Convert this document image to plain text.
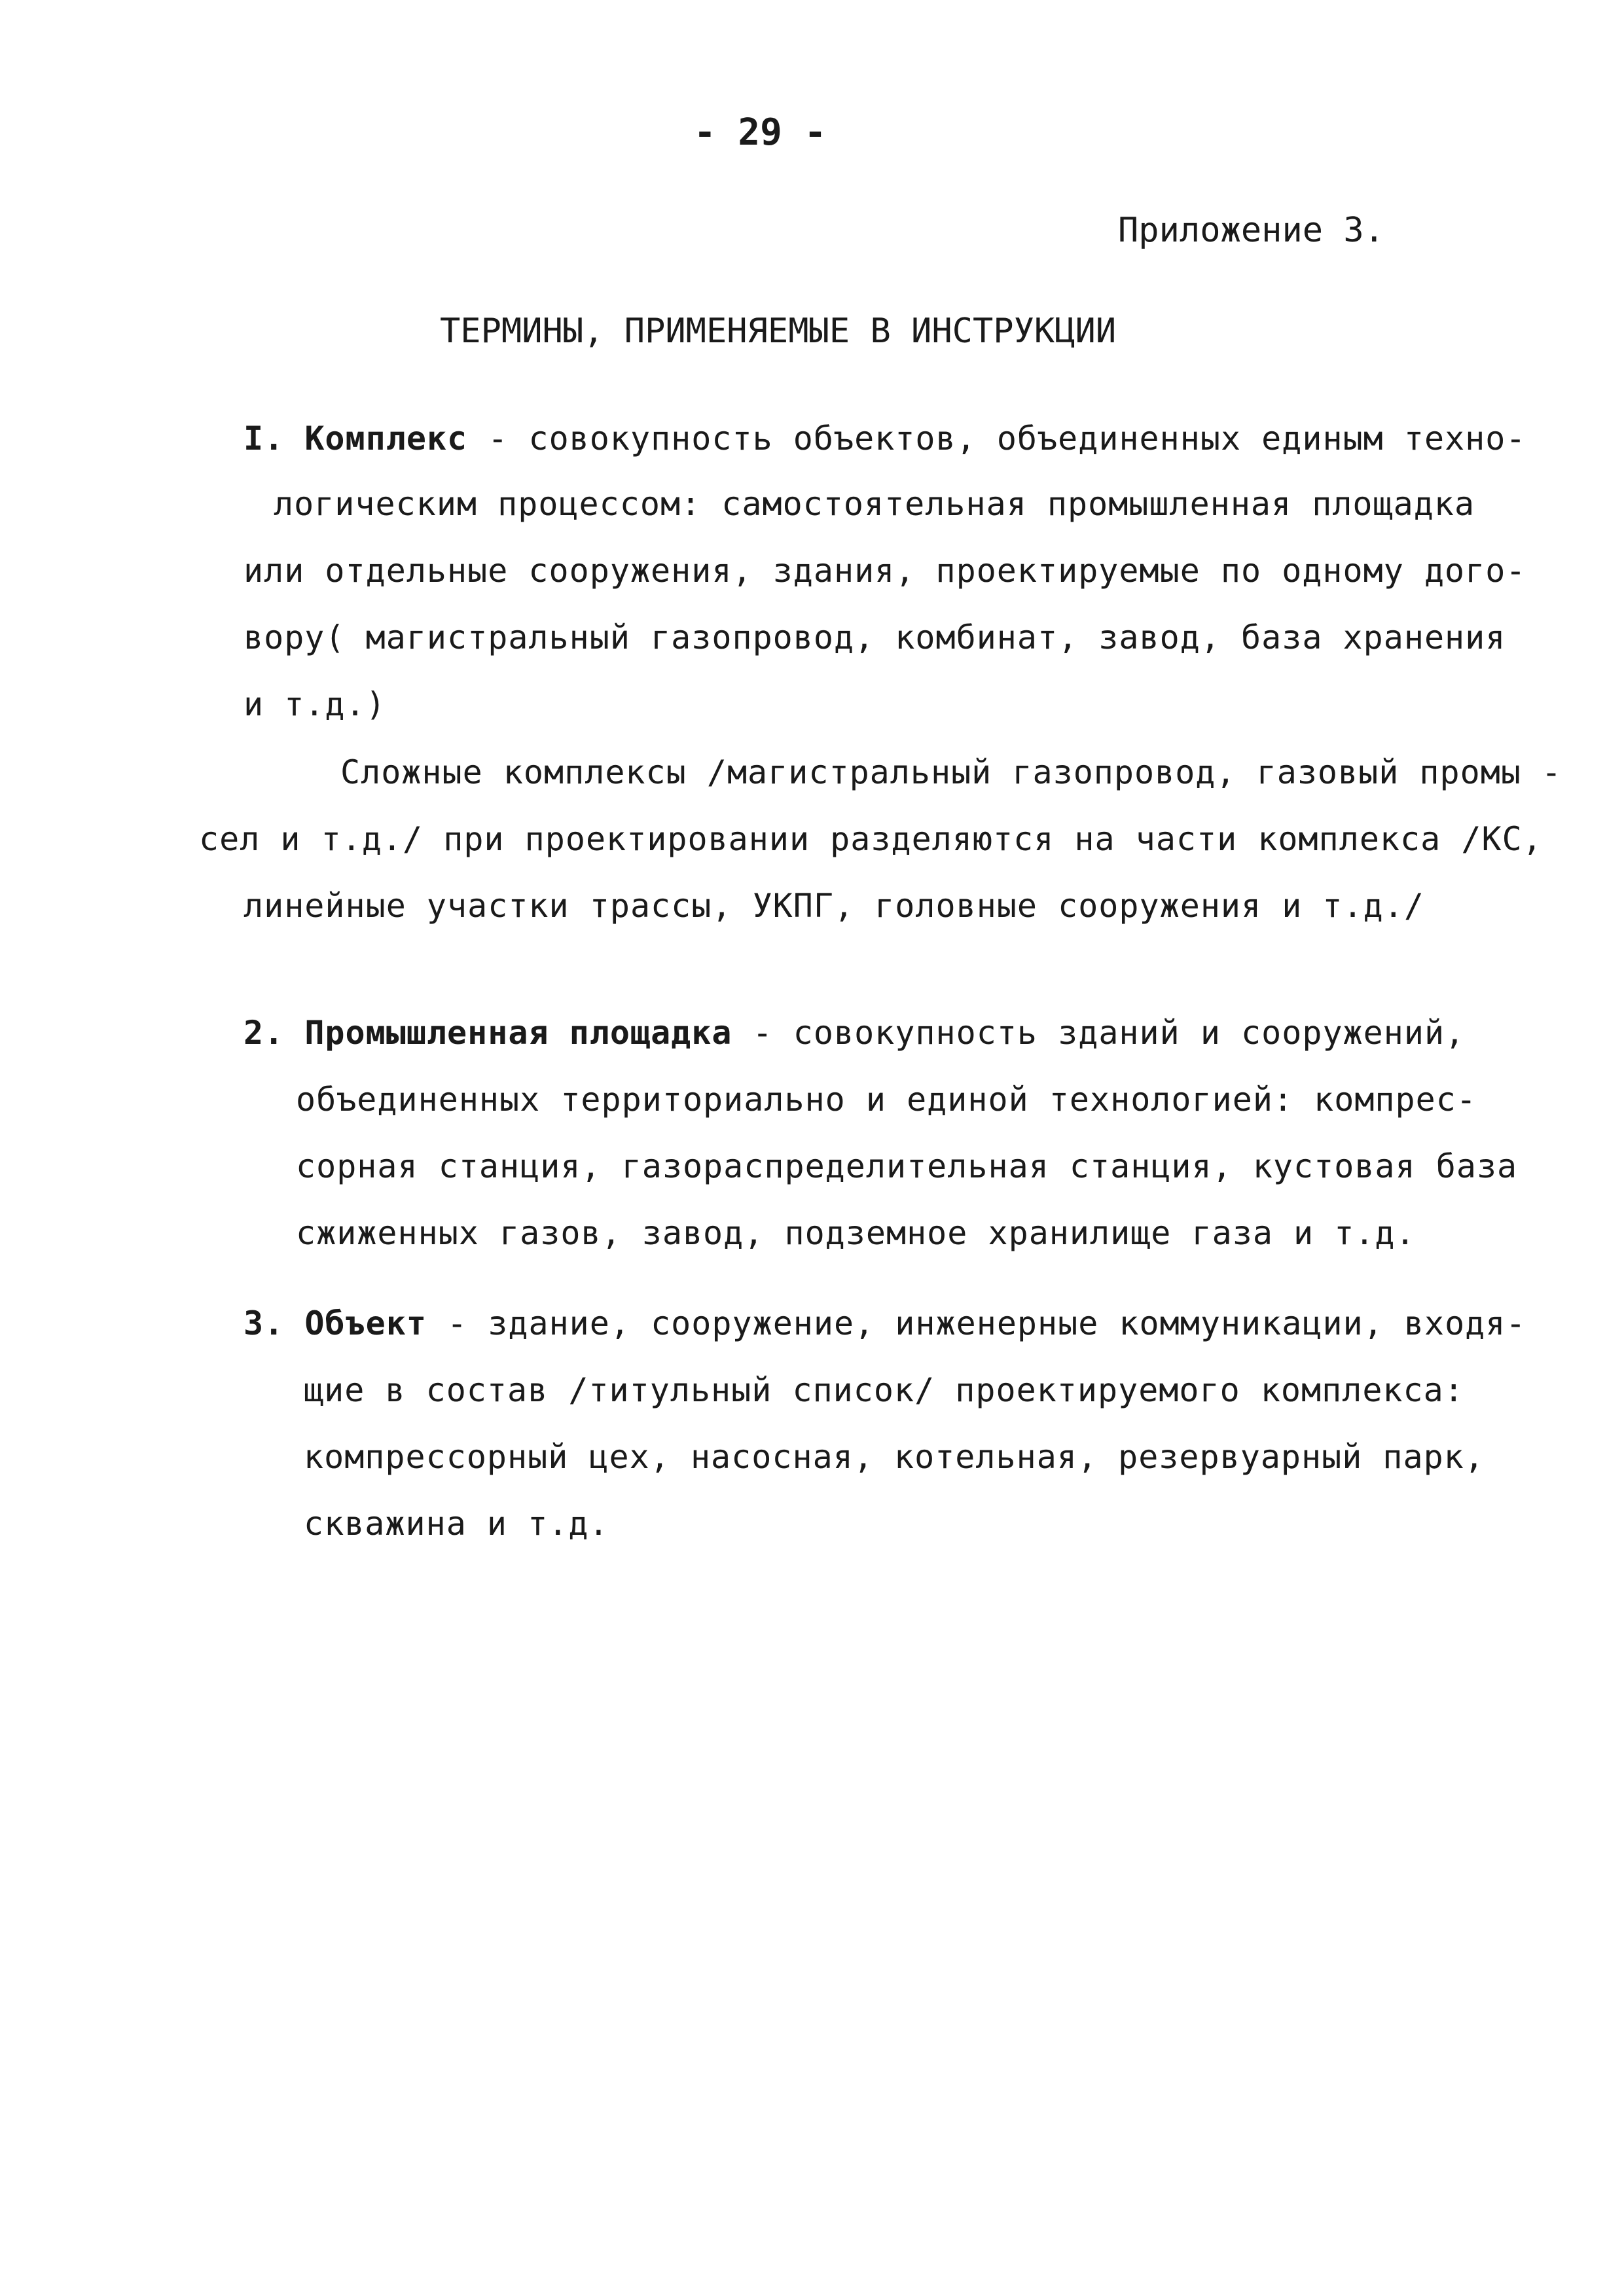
- 29 -
Приложение 3.
ТЕРМИНЫ, ПРИМЕНЯЕМЫЕ В ИНСТРУКЦИИ
I. Комплекс - совокупность объектов, объединенных единым техно-
логическим процессом: самостоятельная промышленная площадка
или отдельные сооружения, здания, проектируемые по одному дого-
вору( магистральный газопровод, комбинат, завод, база хранения
и т.д.)
Сложные комплексы /магистральный газопровод, газовый промы -
сел и т.д./ при проектировании разделяются на части комплекса /КС,
линейные участки трассы, УКПГ, головные сооружения и т.д./
2. Промышленная площадка - совокупность зданий и сооружений,
объединенных территориально и единой технологией: компрес-
сорная станция, газораспределительная станция, кустовая база
сжиженных газов, завод, подземное хранилище газа и т.д.
3. Объект - здание, сооружение, инженерные коммуникации, входя-
щие в состав /титульный список/ проектируемого комплекса:
компрессорный цех, насосная, котельная, резервуарный парк,
скважина и т.д.
